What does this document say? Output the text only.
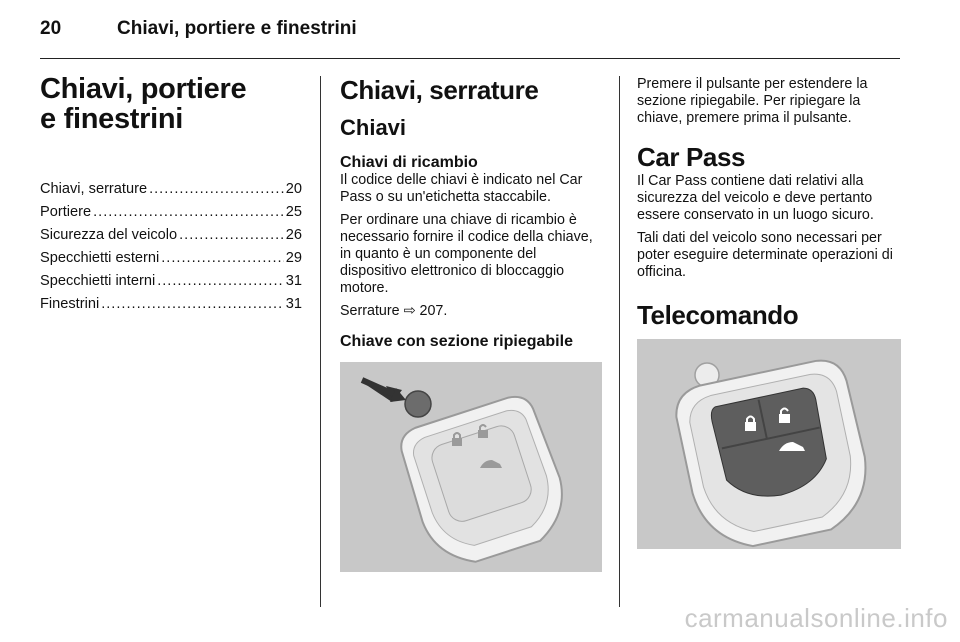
20	Chiavi, portiere e finestrini
Chiavi, portiere
e finestrini
Chiavi, serrature .....	20
Portiere .....	25
Sicurezza del veicolo .....	26
Specchietti esterni .....	29
Specchietti interni .....	31
Finestrini .....	31
Chiavi, serrature
Chiavi
Chiavi di ricambio
Il codice delle chiavi è indicato nel Car Pass o su un'etichetta staccabile.
Per ordinare una chiave di ricambio è necessario fornire il codice della chiave, in quanto è un componente del dispositivo elettronico di bloccaggio motore.
Serrature ⇨ 207.
Chiave con sezione ripiegabile
Premere il pulsante per estendere la sezione ripiegabile. Per ripiegare la chiave, premere prima il pulsante.
Car Pass
Il Car Pass contiene dati relativi alla sicurezza del veicolo e deve pertanto essere conservato in un luogo sicuro.
Tali dati del veicolo sono necessari per poter eseguire determinate operazioni di officina.
Telecomando
carmanualsonline.info
